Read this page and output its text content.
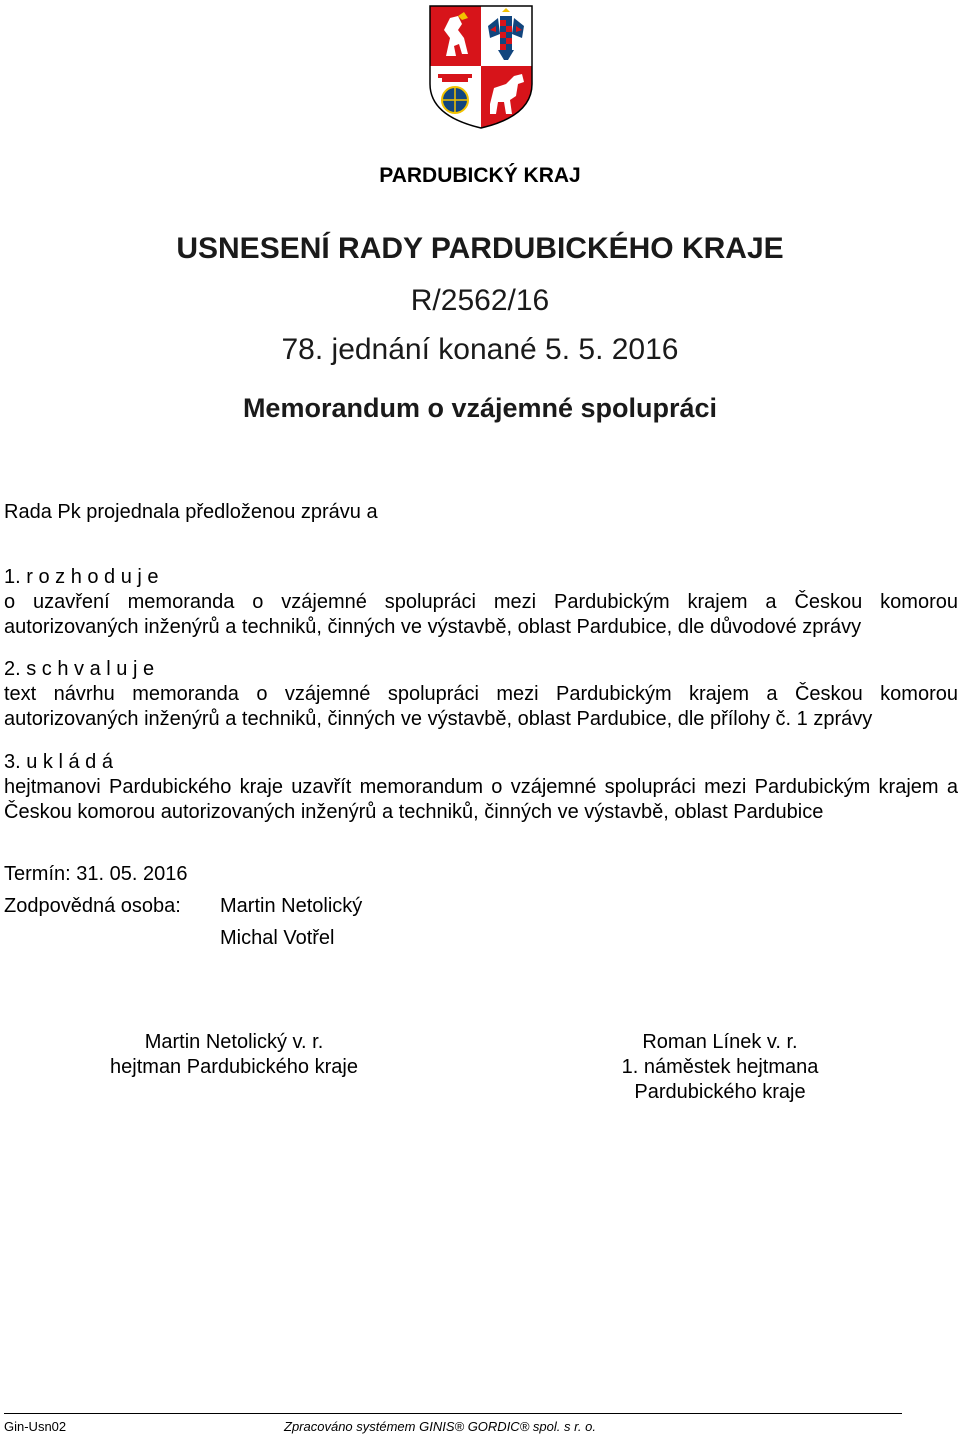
PARDUBICKÝ KRAJ
USNESENÍ RADY PARDUBICKÉHO KRAJE
R/2562/16
78. jednání konané 5. 5. 2016
Memorandum o vzájemné spolupráci
Rada Pk projednala předloženou zprávu a
1. r o z h o d u j e
o uzavření memoranda o vzájemné spolupráci mezi Pardubickým krajem a Českou komorou autorizovaných inženýrů a techniků, činných ve výstavbě, oblast Pardubice, dle důvodové zprávy
2. s c h v a l u j e
text návrhu memoranda o vzájemné spolupráci mezi Pardubickým krajem a Českou komorou autorizovaných inženýrů a techniků, činných ve výstavbě, oblast Pardubice, dle přílohy č. 1 zprávy
3. u k l á d á
hejtmanovi Pardubického kraje uzavřít memorandum o vzájemné spolupráci mezi Pardubickým krajem a Českou komorou autorizovaných inženýrů a techniků, činných ve výstavbě, oblast Pardubice
Termín: 31. 05. 2016
Zodpovědná osoba: Martin Netolický
Michal Votřel
Martin Netolický v. r.
hejtman Pardubického kraje
Roman Línek v. r.
1. náměstek hejtmana
Pardubického kraje
Gin-Usn02	Zpracováno systémem GINIS® GORDIC® spol. s r. o.
